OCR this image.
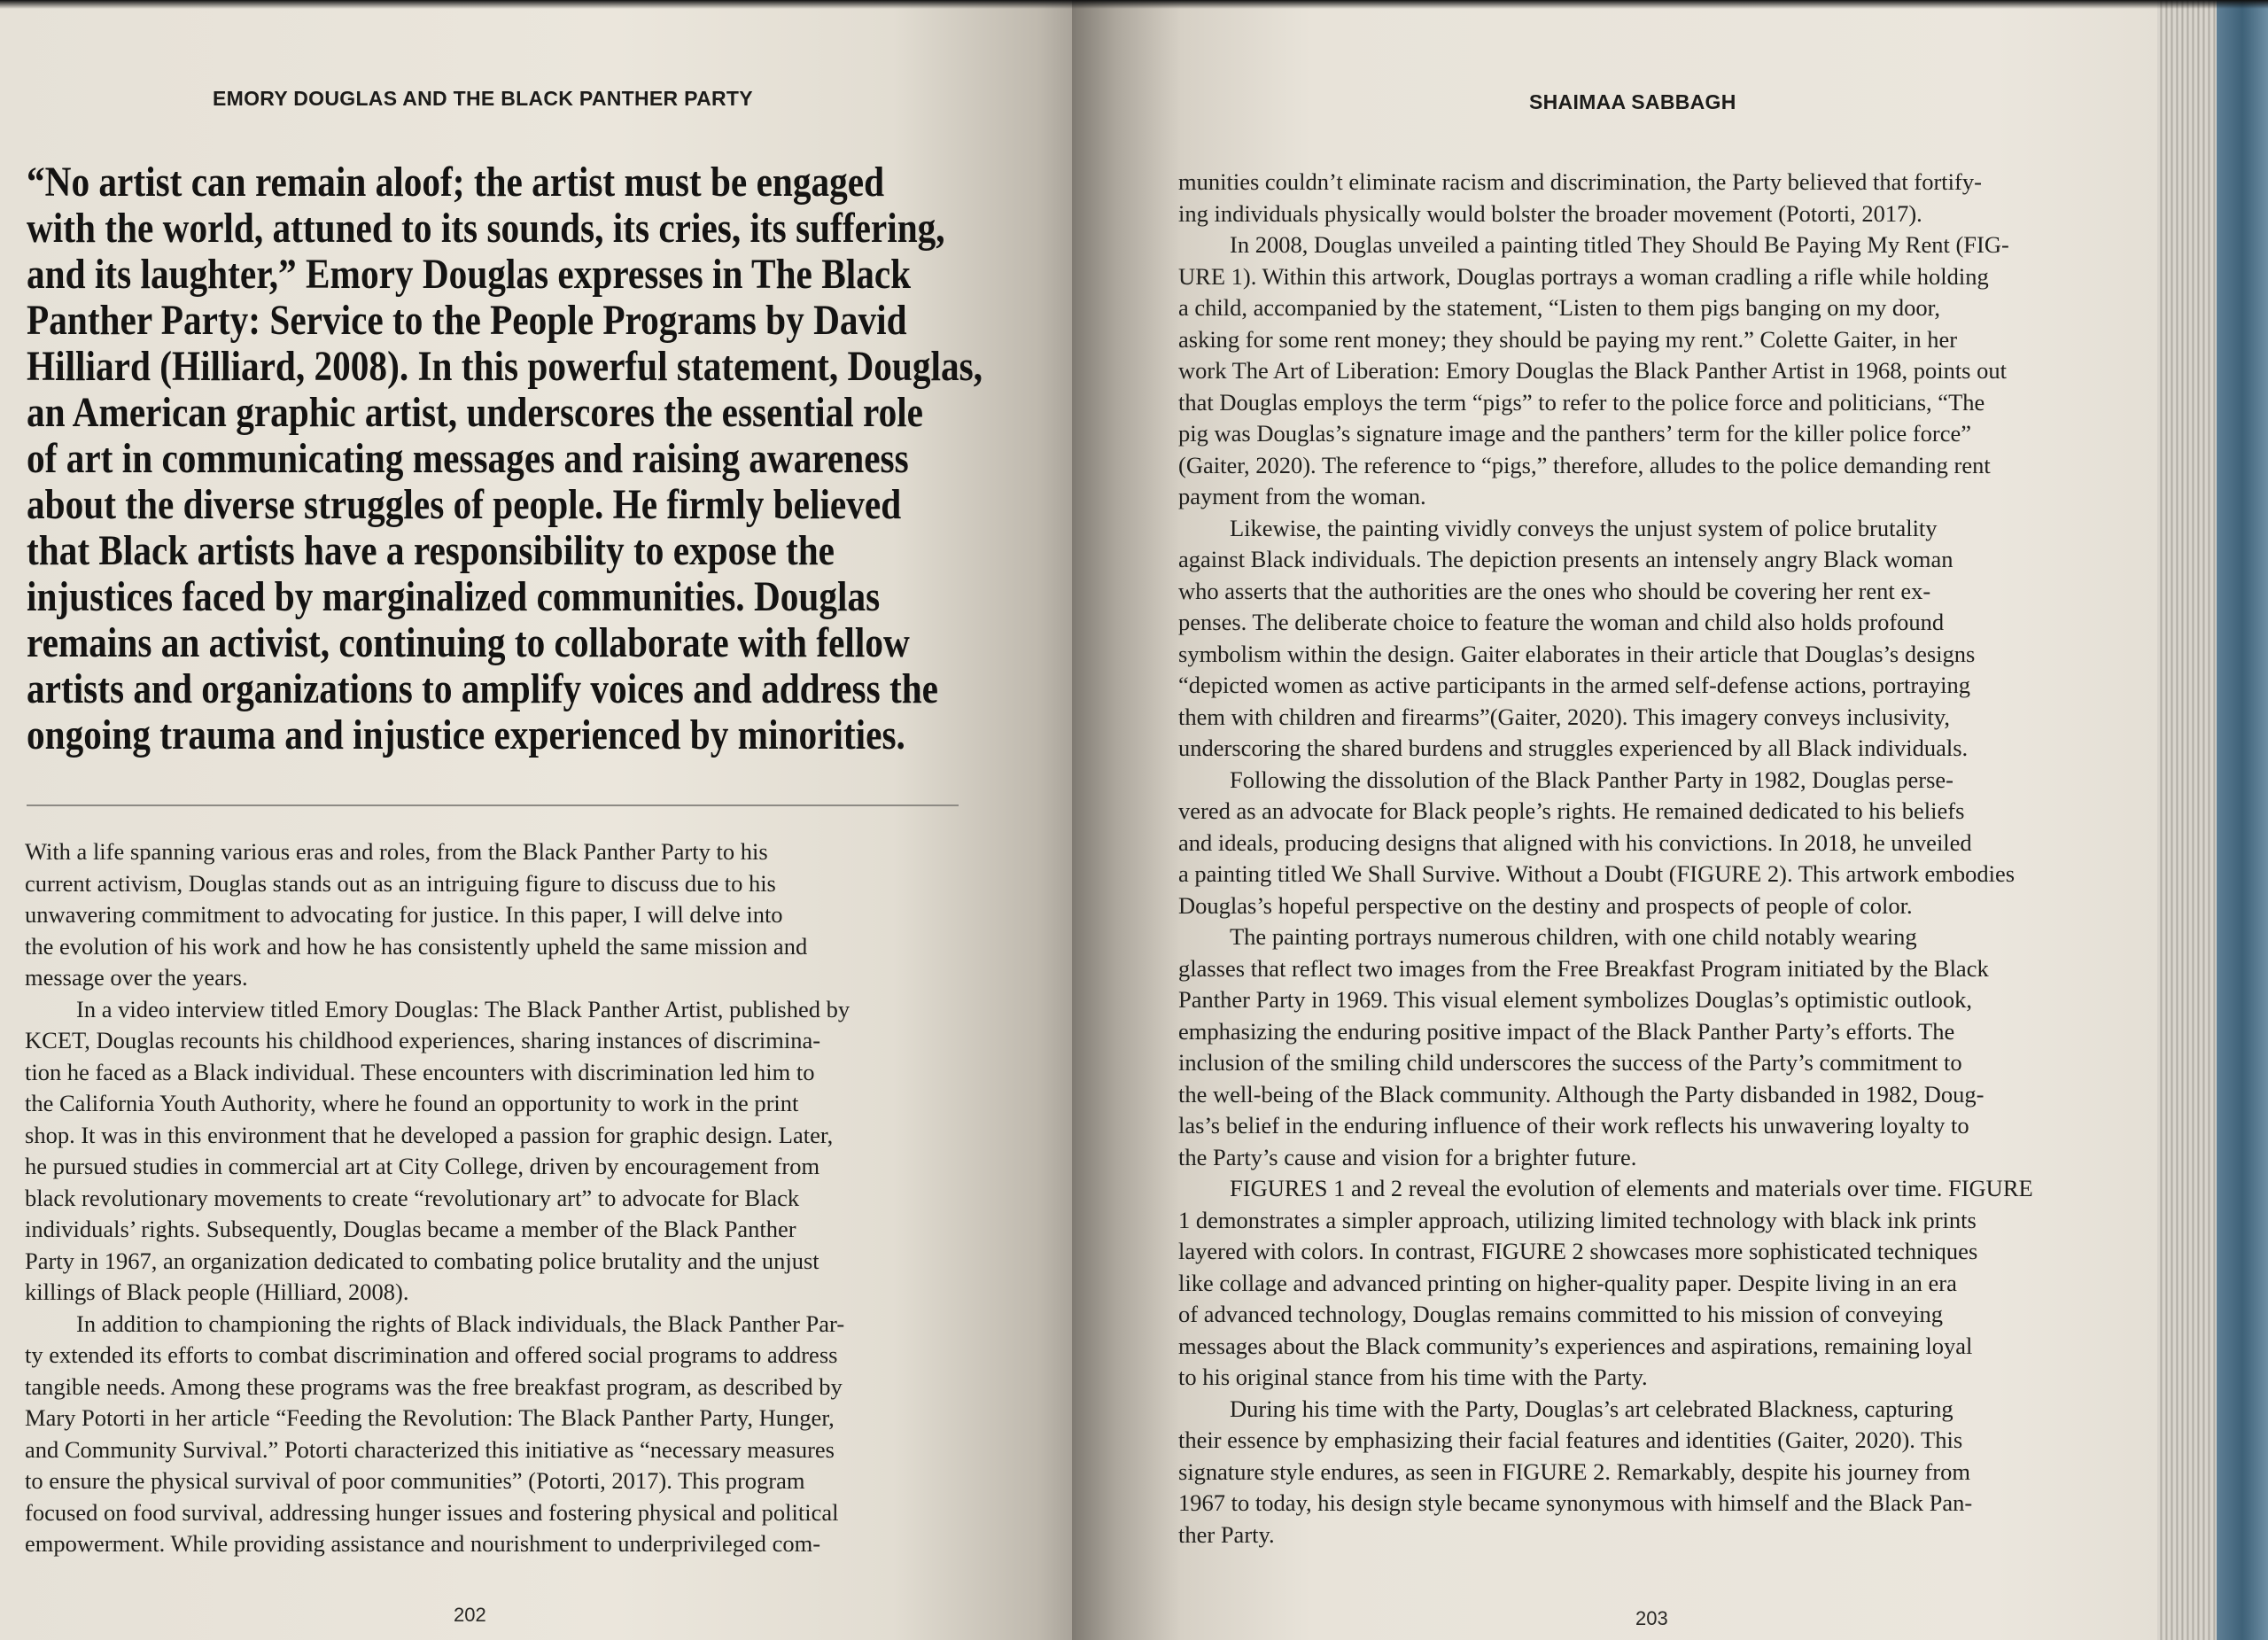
EMORY DOUGLAS AND THE BLACK PANTHER PARTY
“No artist can remain aloof; the artist must be engaged
with the world, attuned to its sounds, its cries, its suffering,
and its laughter,” Emory Douglas expresses in The Black
Panther Party: Service to the People Programs by David
Hilliard (Hilliard, 2008). In this powerful statement, Douglas,
an American graphic artist, underscores the essential role
of art in communicating messages and raising awareness
about the diverse struggles of people. He firmly believed
that Black artists have a responsibility to expose the
injustices faced by marginalized communities. Douglas
remains an activist, continuing to collaborate with fellow
artists and organizations to amplify voices and address the
ongoing trauma and injustice experienced by minorities.
With a life spanning various eras and roles, from the Black Panther Party to his
current activism, Douglas stands out as an intriguing figure to discuss due to his
unwavering commitment to advocating for justice. In this paper, I will delve into
the evolution of his work and how he has consistently upheld the same mission and
message over the years.
In a video interview titled Emory Douglas: The Black Panther Artist, published by
KCET, Douglas recounts his childhood experiences, sharing instances of discrimina-
tion he faced as a Black individual. These encounters with discrimination led him to
the California Youth Authority, where he found an opportunity to work in the print
shop. It was in this environment that he developed a passion for graphic design. Later,
he pursued studies in commercial art at City College, driven by encouragement from
black revolutionary movements to create “revolutionary art” to advocate for Black
individuals’ rights. Subsequently, Douglas became a member of the Black Panther
Party in 1967, an organization dedicated to combating police brutality and the unjust
killings of Black people (Hilliard, 2008).
In addition to championing the rights of Black individuals, the Black Panther Par-
ty extended its efforts to combat discrimination and offered social programs to address
tangible needs. Among these programs was the free breakfast program, as described by
Mary Potorti in her article “Feeding the Revolution: The Black Panther Party, Hunger,
and Community Survival.” Potorti characterized this initiative as “necessary measures
to ensure the physical survival of poor communities” (Potorti, 2017). This program
focused on food survival, addressing hunger issues and fostering physical and political
empowerment. While providing assistance and nourishment to underprivileged com-
202
SHAIMAA SABBAGH
munities couldn’t eliminate racism and discrimination, the Party believed that fortify-
ing individuals physically would bolster the broader movement (Potorti, 2017).
In 2008, Douglas unveiled a painting titled They Should Be Paying My Rent (FIG-
URE 1). Within this artwork, Douglas portrays a woman cradling a rifle while holding
a child, accompanied by the statement, “Listen to them pigs banging on my door,
asking for some rent money; they should be paying my rent.” Colette Gaiter, in her
work The Art of Liberation: Emory Douglas the Black Panther Artist in 1968, points out
that Douglas employs the term “pigs” to refer to the police force and politicians, “The
pig was Douglas’s signature image and the panthers’ term for the killer police force”
(Gaiter, 2020). The reference to “pigs,” therefore, alludes to the police demanding rent
payment from the woman.
Likewise, the painting vividly conveys the unjust system of police brutality
against Black individuals. The depiction presents an intensely angry Black woman
who asserts that the authorities are the ones who should be covering her rent ex-
penses. The deliberate choice to feature the woman and child also holds profound
symbolism within the design. Gaiter elaborates in their article that Douglas’s designs
“depicted women as active participants in the armed self-defense actions, portraying
them with children and firearms”(Gaiter, 2020). This imagery conveys inclusivity,
underscoring the shared burdens and struggles experienced by all Black individuals.
Following the dissolution of the Black Panther Party in 1982, Douglas perse-
vered as an advocate for Black people’s rights. He remained dedicated to his beliefs
and ideals, producing designs that aligned with his convictions. In 2018, he unveiled
a painting titled We Shall Survive. Without a Doubt (FIGURE 2). This artwork embodies
Douglas’s hopeful perspective on the destiny and prospects of people of color.
The painting portrays numerous children, with one child notably wearing
glasses that reflect two images from the Free Breakfast Program initiated by the Black
Panther Party in 1969. This visual element symbolizes Douglas’s optimistic outlook,
emphasizing the enduring positive impact of the Black Panther Party’s efforts. The
inclusion of the smiling child underscores the success of the Party’s commitment to
the well-being of the Black community. Although the Party disbanded in 1982, Doug-
las’s belief in the enduring influence of their work reflects his unwavering loyalty to
the Party’s cause and vision for a brighter future.
FIGURES 1 and 2 reveal the evolution of elements and materials over time. FIGURE
1 demonstrates a simpler approach, utilizing limited technology with black ink prints
layered with colors. In contrast, FIGURE 2 showcases more sophisticated techniques
like collage and advanced printing on higher-quality paper. Despite living in an era
of advanced technology, Douglas remains committed to his mission of conveying
messages about the Black community’s experiences and aspirations, remaining loyal
to his original stance from his time with the Party.
During his time with the Party, Douglas’s art celebrated Blackness, capturing
their essence by emphasizing their facial features and identities (Gaiter, 2020). This
signature style endures, as seen in FIGURE 2. Remarkably, despite his journey from
1967 to today, his design style became synonymous with himself and the Black Pan-
ther Party.
203
